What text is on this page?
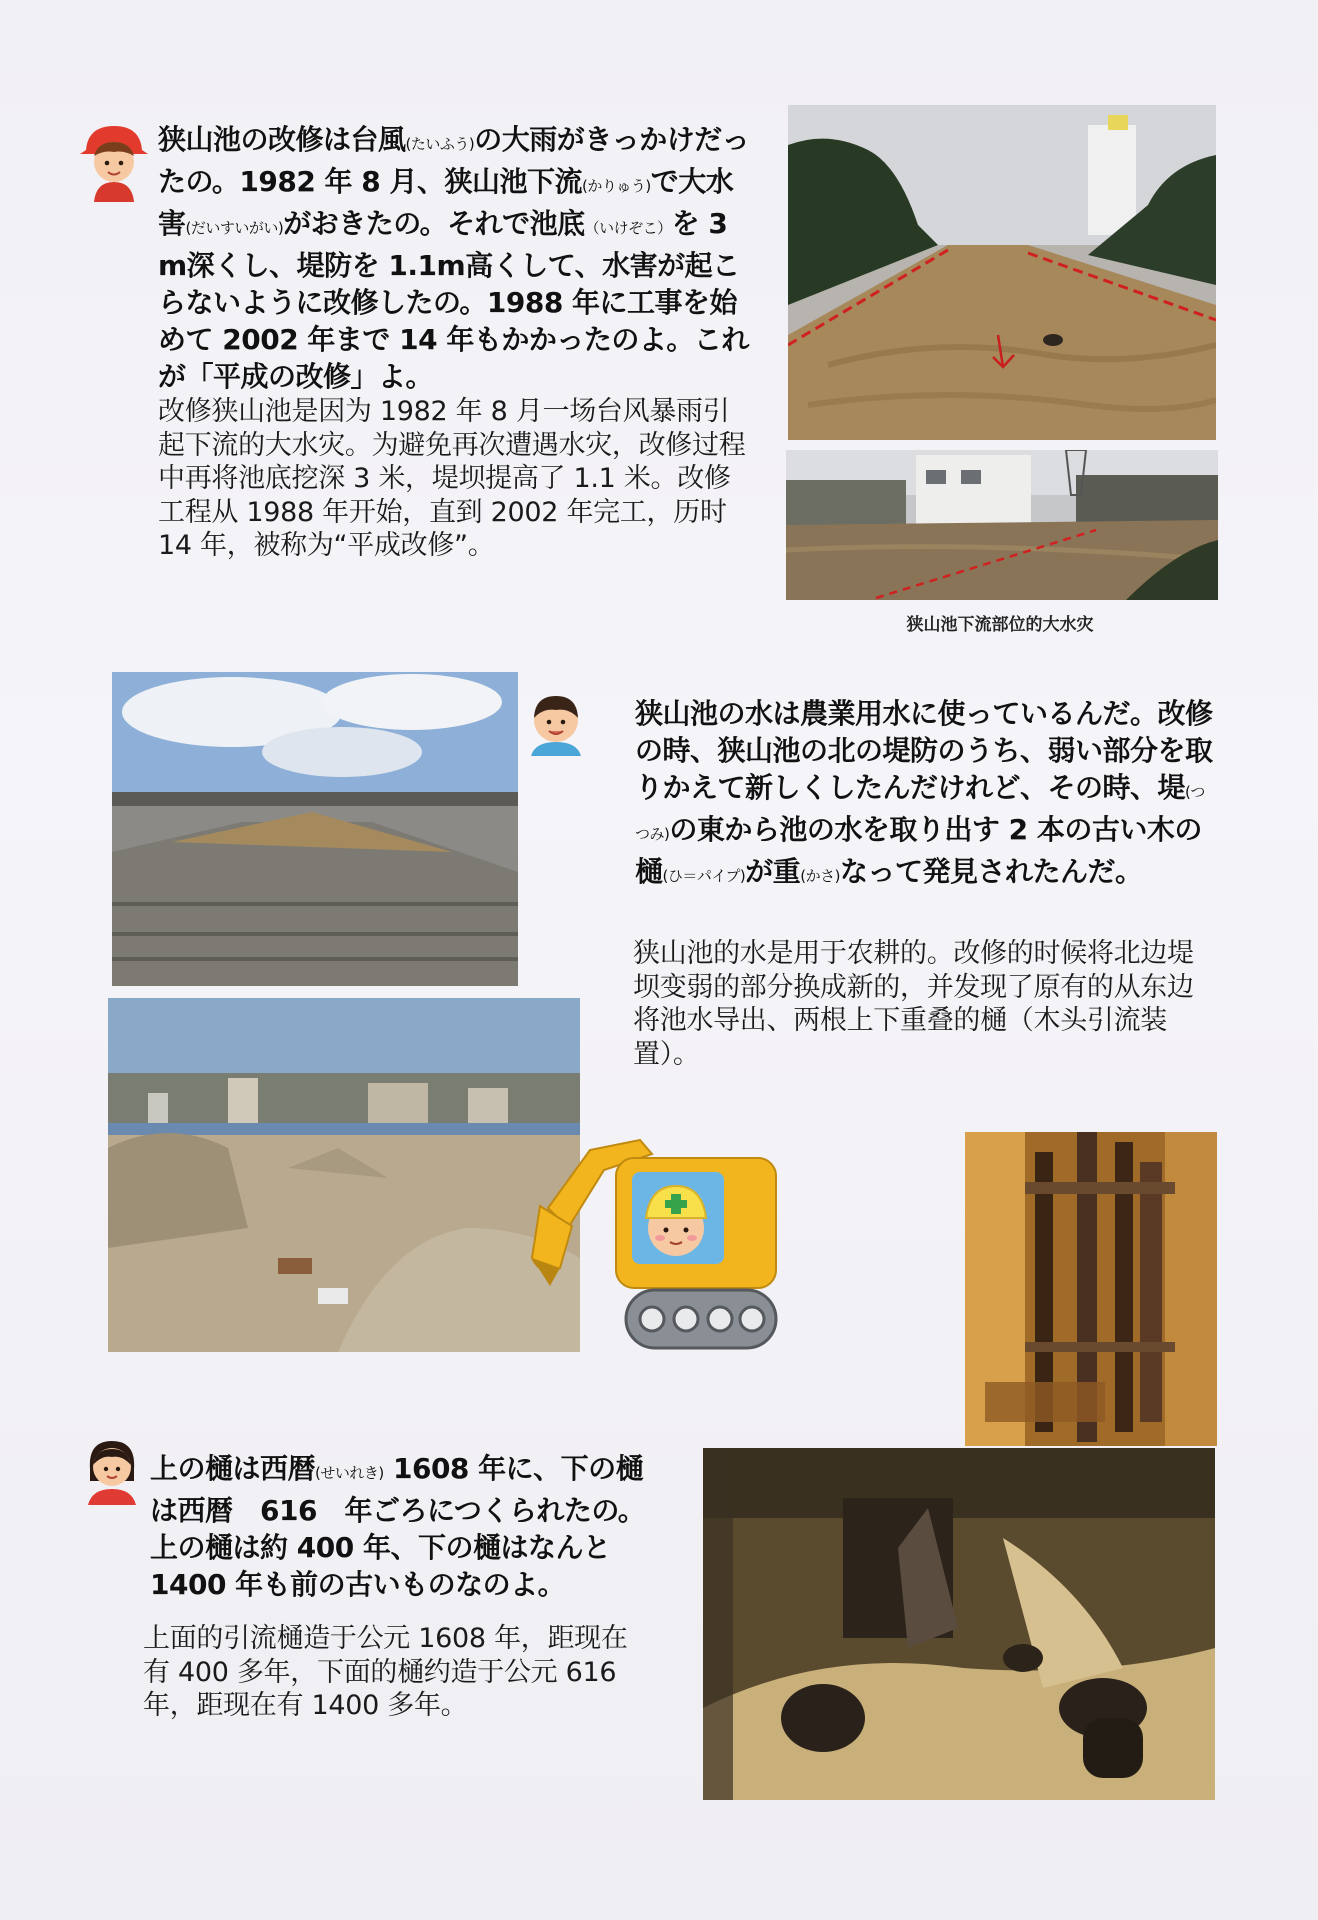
狭山池の改修は台風(たいふう)の大雨がきっかけだったの。1982 年 8 月、狭山池下流(かりゅう)で大水害(だいすいがい)がおきたの。それで池底（いけぞこ）を 3 m深くし、堤防を 1.1m高くして、水害が起こらないように改修したの。1988 年に工事を始めて 2002 年まで 14 年もかかったのよ。これが「平成の改修」よ。
改修狭山池是因为 1982 年 8 月一场台风暴雨引起下流的大水灾。为避免再次遭遇水灾，改修过程中再将池底挖深 3 米，堤坝提高了 1.1 米。改修工程从 1988 年开始，直到 2002 年完工，历时 14 年，被称为“平成改修”。
狭山池下流部位的大水灾
狭山池の水は農業用水に使っているんだ。改修の時、狭山池の北の堤防のうち、弱い部分を取りかえて新しくしたんだけれど、その時、堤(つつみ)の東から池の水を取り出す 2 本の古い木の樋(ひ＝パイプ)が重(かさ)なって発見されたんだ。
狭山池的水是用于农耕的。改修的时候将北边堤坝变弱的部分换成新的，并发现了原有的从东边将池水导出、两根上下重叠的樋（木头引流装置）。
上の樋は西暦(せいれき) 1608 年に、下の樋は西暦　616　年ごろにつくられたの。上の樋は約 400 年、下の樋はなんと 1400 年も前の古いものなのよ。
上面的引流樋造于公元 1608 年，距现在有 400 多年，下面的樋约造于公元 616 年，距现在有 1400 多年。
